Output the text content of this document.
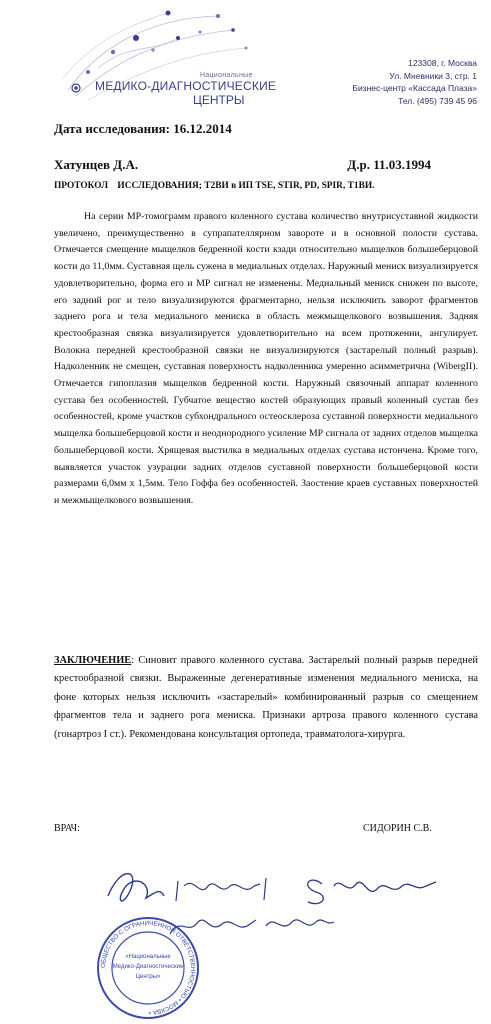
Национальные
МЕДИКО-ДИАГНОСТИЧЕСКИЕ
ЦЕНТРЫ
123308, г. Москва
Ул. Мневники 3, стр. 1
Бизнес-центр «Кассада Плаза»
Тел. (495) 739 45 96
Дата исследования: 16.12.2014
Хатунцев Д.А.	Д.р. 11.03.1994
ПРОТОКОЛ    ИССЛЕДОВАНИЯ; Т2ВИ в ИП TSE, STIR, PD, SPIR, Т1ВИ.

На серии МР-томограмм правого коленного сустава количество внутрисуставной жидкости увеличено, преимущественно в супрапателлярном завороте и в основной полости сустава. Отмечается смещение мыщелков бедренной кости кзади относительно мыщелков большеберцовой кости до 11,0мм. Суставная щель сужена в медиальных отделах. Наружный мениск визуализируется удовлетворительно, форма его и МР сигнал не изменены. Медиальный мениск снижен по высоте, его задний рог и тело визуализируются фрагментарно, нельзя исключить заворот фрагментов заднего рога и тела медиального мениска в область межмыщелкового возвышения. Задняя крестообразная связка визуализируется удовлетворительно на всем протяжении, ангулирует. Волокна передней крестообразной связки не визуализируются (застарелый полный разрыв). Надколенник не смещен, суставная поверхность надколенника умеренно асимметрична (WibergII). Отмечается гипоплазия мыщелков бедренной кости. Наружный связочный аппарат коленного сустава без особенностей. Губчатое вещество костей образующих правый коленный сустав без особенностей, кроме участков субхондрального остеосклероза суставной поверхности медиального мыщелка большеберцовой кости и неоднородного усиление МР сигнала от задних отделов мыщелка большеберцовой кости. Хрящевая выстилка в медиальных отделах сустава истончена. Кроме того, выявляется участок узурации задних отделов суставной поверхности большеберцовой кости размерами 6,0мм х 1,5мм. Тело Гоффа без особенностей. Заостение краев суставных поверхностей и межмыщелкового возвышения.

ЗАКЛЮЧЕНИЕ: Синовит правого коленного сустава. Застарелый полный разрыв передней крестообразной связки. Выраженные дегенеративные изменения медиального мениска, на фоне которых нельзя исключить «застарелый» комбинированный разрыв со смещением фрагментов тела и заднего рога мениска. Признаки артроза правого коленного сустава (гонартроз I ст.). Рекомендована консультация ортопеда, травматолога-хирурга.

ВРАЧ:	СИДОРИН С.В.
ОБЩЕСТВО С ОГРАНИЧЕННОЙ ОТВЕТСТВЕННОСТЬЮ • МОСКВА •
«Национальные
Медико-Диагностические
Центры»
